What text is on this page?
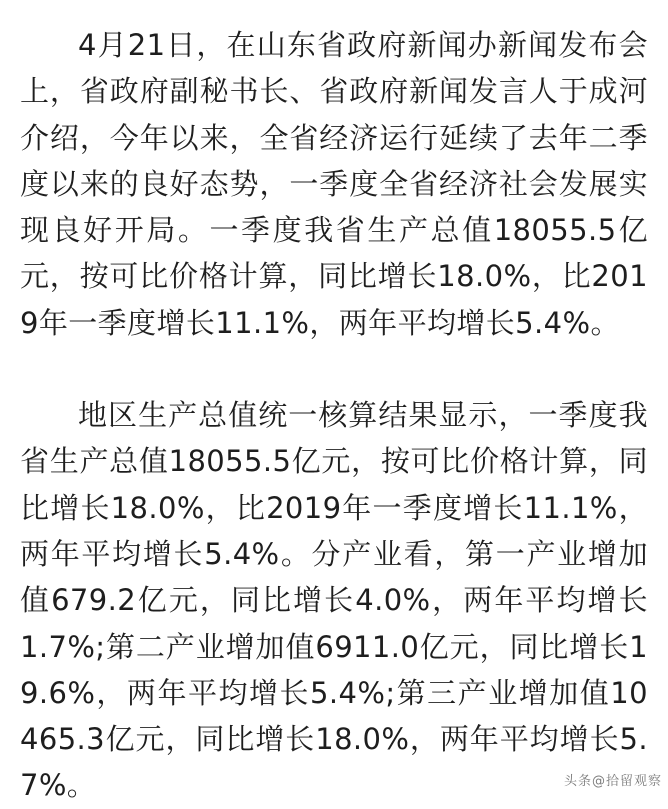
4月21日，在山东省政府新闻办新闻发布会上，省政府副秘书长、省政府新闻发言人于成河介绍，今年以来，全省经济运行延续了去年二季度以来的良好态势，一季度全省经济社会发展实现良好开局。一季度我省生产总值18055.5亿元，按可比价格计算，同比增长18.0%，比2019年一季度增长11.1%，两年平均增长5.4%。

地区生产总值统一核算结果显示，一季度我省生产总值18055.5亿元，按可比价格计算，同比增长18.0%，比2019年一季度增长11.1%，两年平均增长5.4%。分产业看，第一产业增加值679.2亿元，同比增长4.0%，两年平均增长1.7%;第二产业增加值6911.0亿元，同比增长19.6%，两年平均增长5.4%;第三产业增加值10465.3亿元，同比增长18.0%，两年平均增长5.7%。	头条@拾留观察
